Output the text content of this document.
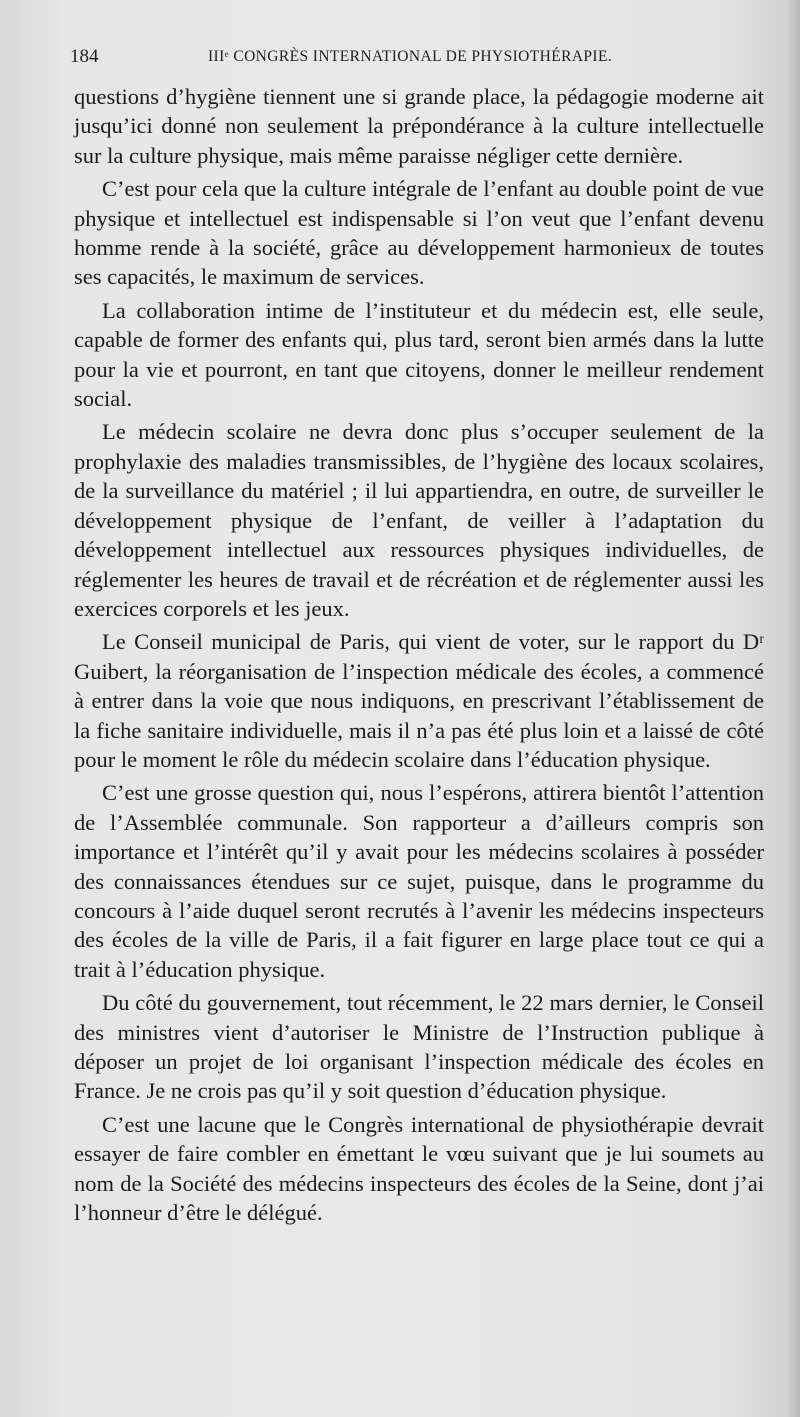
184	IIIᵉ CONGRÈS INTERNATIONAL DE PHYSIOTHÉRAPIE.

questions d’hygiène tiennent une si grande place, la pédagogie moderne ait jusqu’ici donné non seulement la prépondérance à la culture intellectuelle sur la culture physique, mais même paraisse négliger cette dernière.

C’est pour cela que la culture intégrale de l’enfant au double point de vue physique et intellectuel est indispensable si l’on veut que l’enfant devenu homme rende à la société, grâce au développement harmonieux de toutes ses capacités, le maximum de services.

La collaboration intime de l’instituteur et du médecin est, elle seule, capable de former des enfants qui, plus tard, seront bien armés dans la lutte pour la vie et pourront, en tant que citoyens, donner le meilleur rendement social.

Le médecin scolaire ne devra donc plus s’occuper seulement de la prophylaxie des maladies transmissibles, de l’hygiène des locaux scolaires, de la surveillance du matériel ; il lui appartiendra, en outre, de surveiller le développement physique de l’enfant, de veiller à l’adaptation du développement intellectuel aux ressources physiques individuelles, de réglementer les heures de travail et de récréation et de réglementer aussi les exercices corporels et les jeux.

Le Conseil municipal de Paris, qui vient de voter, sur le rapport du Dʳ Guibert, la réorganisation de l’inspection médicale des écoles, a commencé à entrer dans la voie que nous indiquons, en prescrivant l’établissement de la fiche sanitaire individuelle, mais il n’a pas été plus loin et a laissé de côté pour le moment le rôle du médecin scolaire dans l’éducation physique.

C’est une grosse question qui, nous l’espérons, attirera bientôt l’attention de l’Assemblée communale. Son rapporteur a d’ailleurs compris son importance et l’intérêt qu’il y avait pour les médecins scolaires à posséder des connaissances étendues sur ce sujet, puisque, dans le programme du concours à l’aide duquel seront recrutés à l’avenir les médecins inspecteurs des écoles de la ville de Paris, il a fait figurer en large place tout ce qui a trait à l’éducation physique.

Du côté du gouvernement, tout récemment, le 22 mars dernier, le Conseil des ministres vient d’autoriser le Ministre de l’Instruction publique à déposer un projet de loi organisant l’inspection médicale des écoles en France. Je ne crois pas qu’il y soit question d’éducation physique.

C’est une lacune que le Congrès international de physiothérapie devrait essayer de faire combler en émettant le vœu suivant que je lui soumets au nom de la Société des médecins inspecteurs des écoles de la Seine, dont j’ai l’honneur d’être le délégué.
